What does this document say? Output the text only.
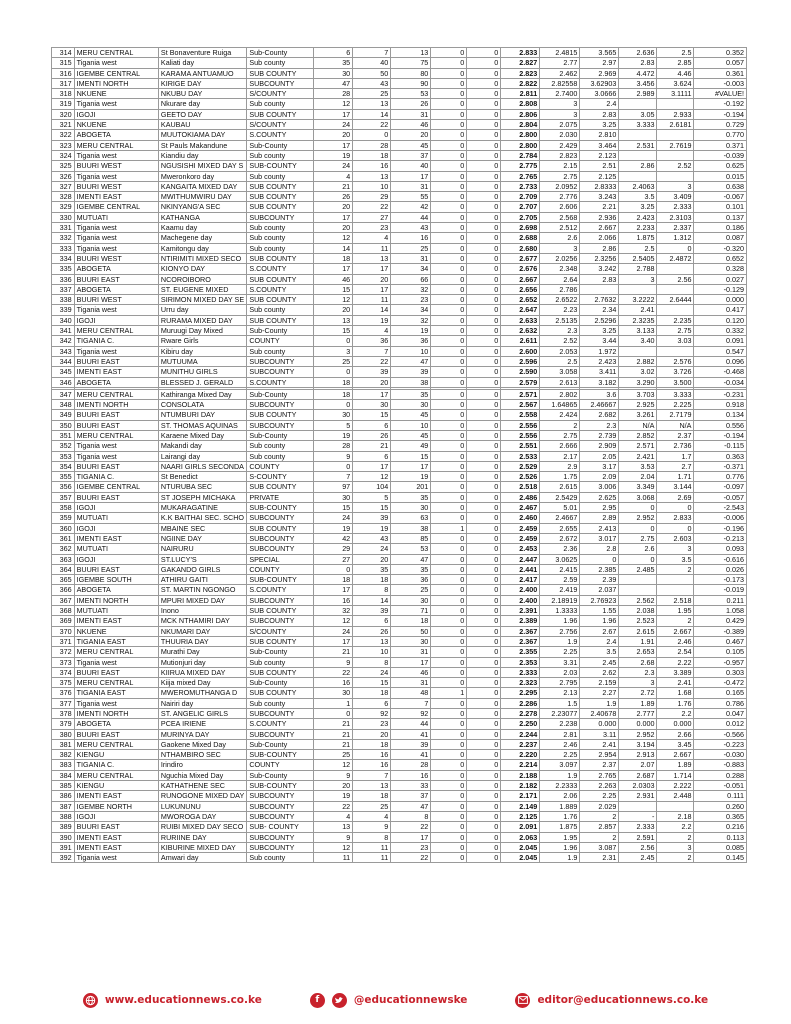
314	MERU CENTRAL	St Bonaventure Ruiga	Sub-County	6	7	13	0	0	2.833	2.4815	3.565	2.636	2.5	0.352
315	Tigania west	Kaliati day	Sub county	35	40	75	0	0	2.827	2.77	2.97	2.83	2.85	0.057
316	IGEMBE CENTRAL	KARAMA ANTUAMUO	SUB COUNTY	30	50	80	0	0	2.823	2.462	2.969	4.472	4.46	0.361
317	IMENTI NORTH	KIRIGE DAY	SUBCOUNTY	47	43	90	0	0	2.822	2.82558	3.62903	3.456	3.624	-0.003
318	NKUENE	NKUBU DAY	S/COUNTY	28	25	53	0	0	2.811	2.7400	3.0666	2.989	3.1111	#VALUE!
319	Tigania west	Nkurare day	Sub county	12	13	26	0	0	2.808	3	2.4			-0.192
320	IGOJI	GEETO DAY	SUB COUNTY	17	14	31	0	0	2.806	3	2.83	3.05	2.933	-0.194
321	NKUENE	KAUBAU	S/COUNTY	24	22	46	0	0	2.804	2.075	3.25	3.333	2.6181	0.729
322	ABOGETA	MUUTOKIAMA DAY	S.COUNTY	20	0	20	0	0	2.800	2.030	2.810			0.770
323	MERU CENTRAL	St Pauls Makandune	Sub-County	17	28	45	0	0	2.800	2.429	3.464	2.531	2.7619	0.371
324	Tigania west	Kiandiu day	Sub county	19	18	37	0	0	2.784	2.823	2.123			-0.039
325	BUURI WEST	NGUSISHI MIXED DAY S	SUB-COUNTY	24	16	40	0	0	2.775	2.15	2.51	2.86	2.52	0.625
326	Tigania west	Mweronkoro day	Sub county	4	13	17	0	0	2.765	2.75	2.125			0.015
327	BUURI WEST	KANGAITA MIXED DAY	SUB COUNTY	21	10	31	0	0	2.733	2.0952	2.8333	2.4063	3	0.638
328	IMENTI EAST	MWITHUMWIRU DAY	SUB COUNTY	26	29	55	0	0	2.709	2.776	3.243	3.5	3.409	-0.067
329	IGEMBE CENTRAL	NKINYANG'A SEC	SUB COUNTY	20	22	42	0	0	2.707	2.606	2.21	3.25	2.333	0.101
330	MUTUATI	KATHANGA	SUBCOUNTY	17	27	44	0	0	2.705	2.568	2.936	2.423	2.3103	0.137
331	Tigania west	Kaamu day	Sub county	20	23	43	0	0	2.698	2.512	2.667	2.233	2.337	0.186
332	Tigania west	Machegene day	Sub county	12	4	16	0	0	2.688	2.6	2.066	1.875	1.312	0.087
333	Tigania west	Kamitongu day	Sub county	14	11	25	0	0	2.680	3	2.86	2.5	0	-0.320
334	BUURI WEST	NTIRIMITI MIXED SECO	SUB COUNTY	18	13	31	0	0	2.677	2.0256	2.3256	2.5405	2.4872	0.652
335	ABOGETA	KIONYO DAY	S.COUNTY	17	17	34	0	0	2.676	2.348	3.242	2.788		0.328
336	BUURI EAST	NCOROIBORO	SUB COUNTY	46	20	66	0	0	2.667	2.64	2.83	3	2.56	0.027
337	ABOGETA	ST. EUGENE MIXED	S.COUNTY	15	17	32	0	0	2.656	2.786				-0.129
338	BUURI WEST	SIRIMON MIXED DAY SE	SUB COUNTY	12	11	23	0	0	2.652	2.6522	2.7632	3.2222	2.6444	0.000
339	Tigania west	Urru day	Sub county	20	14	34	0	0	2.647	2.23	2.34	2.41		0.417
340	IGOJI	RURAMA MIXED DAY	SUB COUNTY	13	19	32	0	0	2.633	2.5135	2.5296	2.3235	2.235	0.120
341	MERU CENTRAL	Muruugi Day Mixed	Sub-County	15	4	19	0	0	2.632	2.3	3.25	3.133	2.75	0.332
342	TIGANIA C.	Rware Girls	COUNTY	0	36	36	0	0	2.611	2.52	3.44	3.40	3.03	0.091
343	Tigania west	Kibiru day	Sub county	3	7	10	0	0	2.600	2.053	1.972			0.547
344	BUURI EAST	MUTUUMA	SUBCOUNTY	25	22	47	0	0	2.596	2.5	2.423	2.882	2.576	0.096
345	IMENTI EAST	MUNITHU GIRLS	SUBCOUNTY	0	39	39	0	0	2.590	3.058	3.411	3.02	3.726	-0.468
346	ABOGETA	BLESSED J. GERALD	S.COUNTY	18	20	38	0	0	2.579	2.613	3.182	3.290	3.500	-0.034

347	MERU CENTRAL	Kathiranga Mixed Day	Sub-County	18	17	35	0	0	2.571	2.802	3.6	3.703	3.333	-0.231
348	IMENTI NORTH	CONSOLATA	SUBCOUNTY	0	30	30	0	0	2.567	1.64865	2.46667	2.925	2.225	0.918
349	BUURI EAST	NTUMBURI DAY	SUB COUNTY	30	15	45	0	0	2.558	2.424	2.682	3.261	2.7179	0.134
350	BUURI EAST	ST. THOMAS AQUINAS	SUBCOUNTY	5	6	10	0	0	2.556	2	2.3	N/A	N/A	0.556
351	MERU CENTRAL	Karaene Mixed Day	Sub-County	19	26	45	0	0	2.556	2.75	2.739	2.852	2.37	-0.194
352	Tigania west	Makandi day	Sub county	28	21	49	0	0	2.551	2.666	2.909	2.571	2.736	-0.115
353	Tigania west	Lairangi day	Sub county	9	6	15	0	0	2.533	2.17	2.05	2.421	1.7	0.363
354	BUURI EAST	NAARI GIRLS SECONDA	COUNTY	0	17	17	0	0	2.529	2.9	3.17	3.53	2.7	-0.371
355	TIGANIA C.	St Benedict	S-COUNTY	7	12	19	0	0	2.526	1.75	2.09	2.04	1.71	0.776
356	IGEMBE CENTRAL	NTURUBA SEC	SUB COUNTY	97	104	201	0	0	2.518	2.615	3.006	3.349	3.144	-0.097
357	BUURI EAST	ST JOSEPH MICHAKA	PRIVATE	30	5	35	0	0	2.486	2.5429	2.625	3.068	2.69	-0.057
358	IGOJI	MUKARAGATINE	SUB-COUNTY	15	15	30	0	0	2.467	5.01	2.95	0	0	-2.543
359	MUTUATI	K.K BAITHAI SEC. SCHO	SUBCOUNTY	24	39	63	0	0	2.460	2.4667	2.89	2.952	2.833	-0.006
360	IGOJI	MBAINE SEC	SUB COUNTY	19	19	38	1	0	2.459	2.655	2.413	0	0	-0.196
361	IMENTI EAST	NGIINE DAY	SUBCOUNTY	42	43	85	0	0	2.459	2.672	3.017	2.75	2.603	-0.213
362	MUTUATI	NAIRURU	SUBCOUNTY	29	24	53	0	0	2.453	2.36	2.8	2.6	3	0.093
363	IGOJI	ST.LUCY'S	SPECIAL	27	20	47	0	0	2.447	3.0625	0	0	3.5	-0.616
364	BUURI EAST	GAKANDO GIRLS	COUNTY	0	35	35	0	0	2.441	2.415	2.385	2.485	2	0.026
365	IGEMBE SOUTH	ATHIRU GAITI	SUB-COUNTY	18	18	36	0	0	2.417	2.59	2.39			-0.173
366	ABOGETA	ST. MARTIN NGONGO	S.COUNTY	17	8	25	0	0	2.400	2.419	2.037			-0.019
367	IMENTI NORTH	MPURI MIXED DAY	SUBCOUNTY	16	14	30	0	0	2.400	2.18919	2.76923	2.562	2.518	0.211
368	MUTUATI	Inono	SUB COUNTY	32	39	71	0	0	2.391	1.3333	1.55	2.038	1.95	1.058
369	IMENTI EAST	MCK NTHAMIRI DAY	SUBCOUNTY	12	6	18	0	0	2.389	1.96	1.96	2.523	2	0.429
370	NKUENE	NKUMARI DAY	S/COUNTY	24	26	50	0	0	2.367	2.756	2.67	2.615	2.667	-0.389
371	TIGANIA EAST	THUURIA DAY	SUB COUNTY	17	13	30	0	0	2.367	1.9	2.4	1.91	2.46	0.467
372	MERU CENTRAL	Murathi Day	Sub-County	21	10	31	0	0	2.355	2.25	3.5	2.653	2.54	0.105
373	Tigania west	Mutionjuri day	Sub county	9	8	17	0	0	2.353	3.31	2.45	2.68	2.22	-0.957
374	BUURI EAST	KIIRUA MIXED DAY	SUB COUNTY	22	24	46	0	0	2.333	2.03	2.62	2.3	3.389	0.303
375	MERU CENTRAL	Kiija mixed Day	Sub-County	16	15	31	0	0	2.323	2.795	2.159	3	2.41	-0.472
376	TIGANIA EAST	MWEROMUTHANGA D	SUB COUNTY	30	18	48	1	0	2.295	2.13	2.27	2.72	1.68	0.165
377	Tigania west	Nairiri day	Sub county	1	6	7	0	0	2.286	1.5	1.9	1.89	1.76	0.786
378	IMENTI NORTH	ST. ANGELIC GIRLS	SUBCOUNTY	0	92	92	0	0	2.278	2.23077	2.40678	2.777	2.2	0.047
379	ABOGETA	PCEA IRIENE	S.COUNTY	21	23	44	0	0	2.250	2.238	0.000	0.000	0.000	0.012
380	BUURI EAST	MURINYA DAY	SUBCOUNTY	21	20	41	0	0	2.244	2.81	3.11	2.952	2.66	-0.566
381	MERU CENTRAL	Gaokene Mixed Day	Sub-County	21	18	39	0	0	2.237	2.46	2.41	3.194	3.45	-0.223
382	KIENGU	NTHAMBIRO SEC	SUB-COUNTY	25	16	41	0	0	2.220	2.25	2.954	2.913	2.667	-0.030
383	TIGANIA C.	Irindiro	COUNTY	12	16	28	0	0	2.214	3.097	2.37	2.07	1.89	-0.883
384	MERU CENTRAL	Nguchia Mixed Day	Sub-County	9	7	16	0	0	2.188	1.9	2.765	2.687	1.714	0.288
385	KIENGU	KATHATHENE SEC	SUB-COUNTY	20	13	33	0	0	2.182	2.2333	2.263	2.0303	2.222	-0.051
386	IMENTI EAST	RUNOGONE MIXED DAY	SUBCOUNTY	19	18	37	0	0	2.171	2.06	2.25	2.931	2.448	0.111
387	IGEMBE NORTH	LUKUNUNU	SUBCOUNTY	22	25	47	0	0	2.149	1.889	2.029			0.260
388	IGOJI	MWOROGA DAY	SUBCOUNTY	4	4	8	0	0	2.125	1.76	2	-	2.18	0.365
389	BUURI EAST	RUIBI MIXED DAY SECO	SUB- COUNTY	13	9	22	0	0	2.091	1.875	2.857	2.333	2.2	0.216
390	IMENTI EAST	RURIINE DAY	SUBCOUNTY	9	8	17	0	0	2.063	1.95	2	2.591	2	0.113
391	IMENTI EAST	KIBURINE MIXED DAY	SUBCOUNTY	12	11	23	0	0	2.045	1.96	3.087	2.56	3	0.085
392	Tigania west	Amwari day	Sub county	11	11	22	0	0	2.045	1.9	2.31	2.45	2	0.145
www.educationnews.co.ke	f	@educationnewske	editor@educationnews.co.ke
